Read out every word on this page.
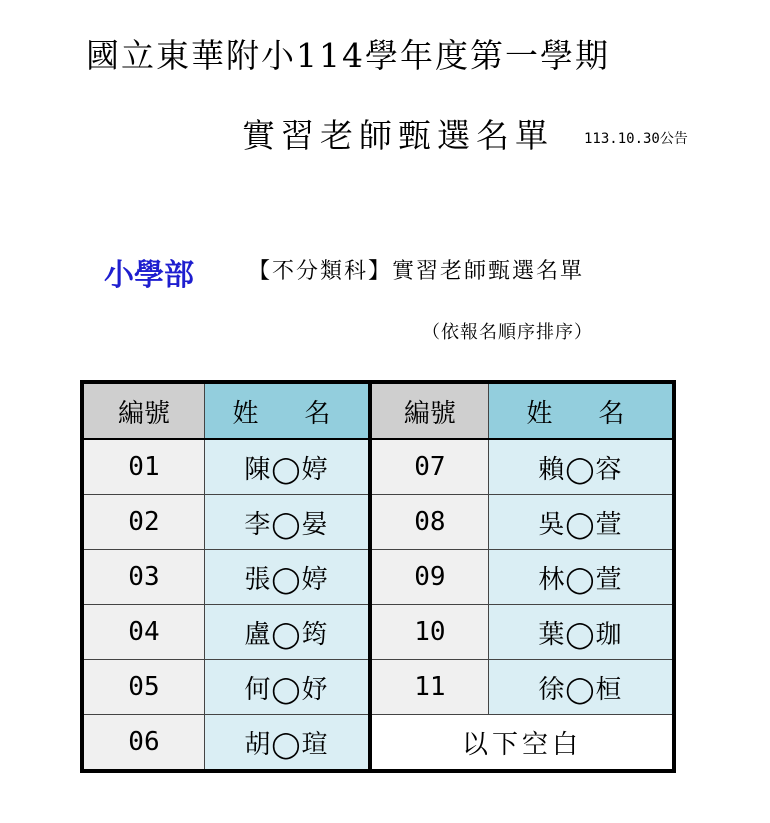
國立東華附小114學年度第一學期
實習老師甄選名單 113.10.30公告
小學部 【不分類科】實習老師甄選名單
（依報名順序排序）
編號	姓　名	編號	姓　名
01	陳◯婷	07	賴◯容
02	李◯晏	08	吳◯萱
03	張◯婷	09	林◯萱
04	盧◯筠	10	葉◯珈
05	何◯妤	11	徐◯桓
06	胡◯瑄	以下空白	
